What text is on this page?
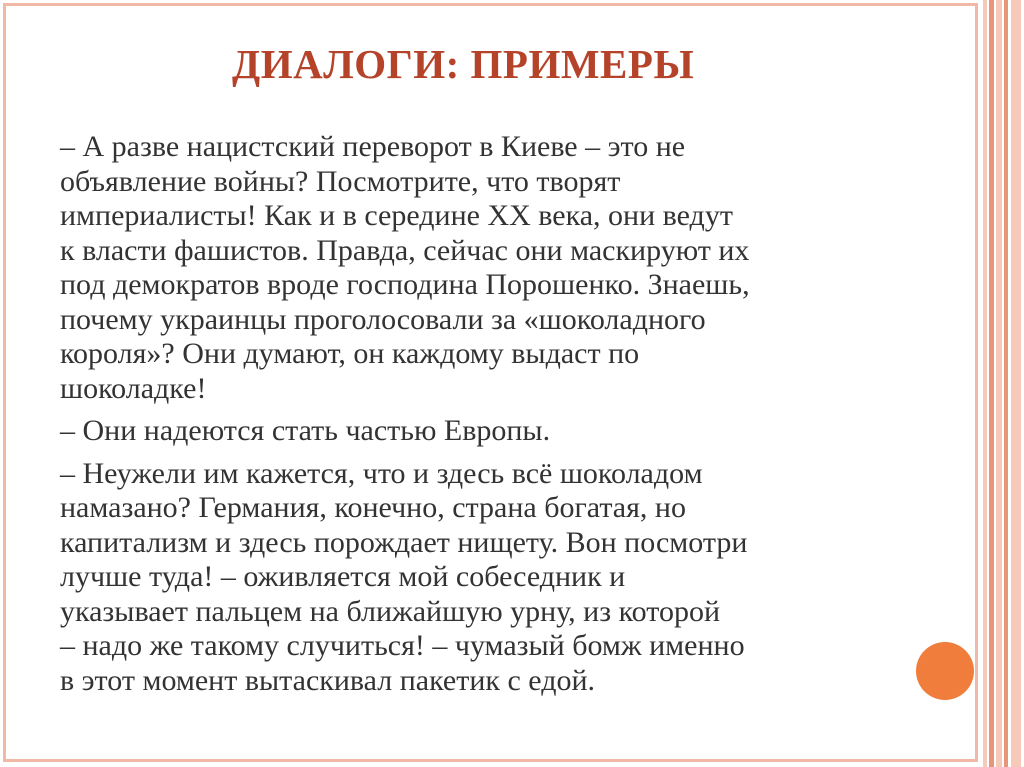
ДИАЛОГИ: ПРИМЕРЫ

– А разве нацистский переворот в Киеве – это не
объявление войны? Посмотрите, что творят
империалисты! Как и в середине XX века, они ведут
к власти фашистов. Правда, сейчас они маскируют их
под демократов вроде господина Порошенко. Знаешь,
почему украинцы проголосовали за «шоколадного
короля»? Они думают, он каждому выдаст по
шоколадке!

– Они надеются стать частью Европы.

– Неужели им кажется, что и здесь всё шоколадом
намазано? Германия, конечно, страна богатая, но
капитализм и здесь порождает нищету. Вон посмотри
лучше туда! – оживляется мой собеседник и
указывает пальцем на ближайшую урну, из которой
– надо же такому случиться! – чумазый бомж именно
в этот момент вытаскивал пакетик с едой.
